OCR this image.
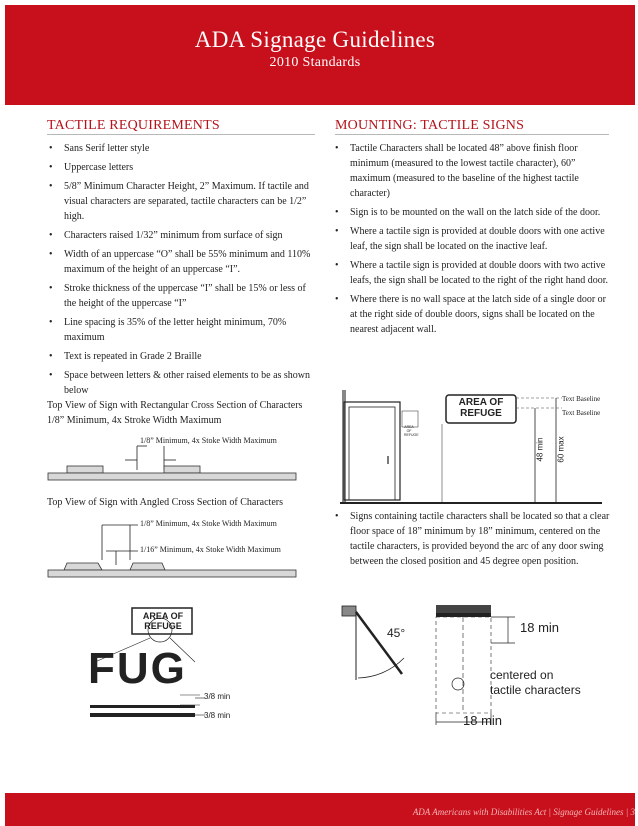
ADA Signage Guidelines
2010 Standards
TACTILE REQUIREMENTS
• Sans Serif letter style
• Uppercase letters
• 5/8” Minimum Character Height, 2” Maximum. If tactile and visual characters are separated, tactile characters can be 1/2” high.
• Characters raised 1/32” minimum from surface of sign
• Width of an uppercase “O” shall be 55% minimum and 110% maximum of the height of an uppercase “I”.
• Stroke thickness of the uppercase “I” shall be 15% or less of the height of the uppercase “I”
• Line spacing is 35% of the letter height minimum, 70% maximum
• Text is repeated in Grade 2 Braille
• Space between letters & other raised elements to be as shown below
MOUNTING: TACTILE SIGNS
• Tactile Characters shall be located 48” above finish floor minimum (measured to the lowest tactile character), 60” maximum (measured to the baseline of the highest tactile character)
• Sign is to be mounted on the wall on the latch side of the door.
• Where a tactile sign is provided at double doors with one active leaf, the sign shall be located on the inactive leaf.
• Where a tactile sign is provided at double doors with two active leafs, the sign shall be located to the right of the right hand door.
• Where there is no wall space at the latch side of a single door or at the right side of double doors, signs shall be located on the nearest adjacent wall.
Top View of Sign with Rectangular Cross Section of Characters
1/8” Minimum, 4x Stroke Width Maximum
1/8” Minimum, 4x Stoke Width Maximum
Top View of Sign with Angled Cross Section of Characters
1/8” Minimum, 4x Stoke Width Maximum
1/16” Minimum, 4x Stoke Width Maximum
AREA OF REFUGE
AREA OF REFUGE
48 min 60 max
Text Baseline
Text Baseline
• Signs containing tactile characters shall be located so that a clear floor space of 18” minimum by 18” minimum, centered on the tactile characters, is provided beyond the arc of any door swing between the closed position and 45 degree open position.
AREA OF REFUGE
FUG
3/8 min
3/8 min
45°	18 min
centered on
tactile characters
18 min
ADA Americans with Disabilities Act | Signage Guidelines | 3
